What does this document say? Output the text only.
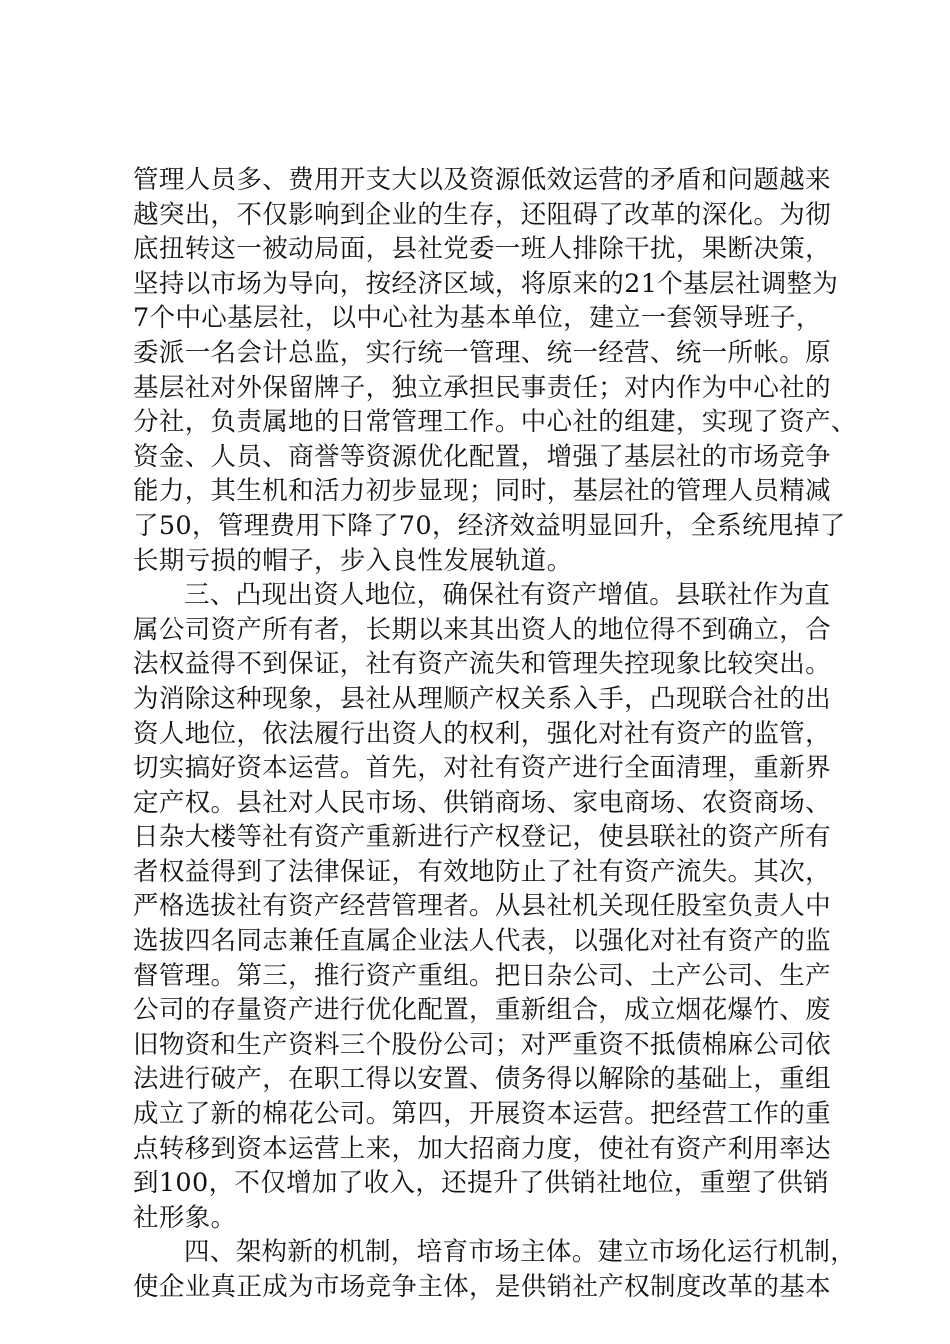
管理人员多、费用开支大以及资源低效运营的矛盾和问题越来
越突出，不仅影响到企业的生存，还阻碍了改革的深化。为彻
底扭转这一被动局面，县社党委一班人排除干扰，果断决策，
坚持以市场为导向，按经济区域，将原来的21个基层社调整为
7个中心基层社，以中心社为基本单位，建立一套领导班子，
委派一名会计总监，实行统一管理、统一经营、统一所帐。原
基层社对外保留牌子，独立承担民事责任；对内作为中心社的
分社，负责属地的日常管理工作。中心社的组建，实现了资产、
资金、人员、商誉等资源优化配置，增强了基层社的市场竞争
能力，其生机和活力初步显现；同时，基层社的管理人员精减
了50，管理费用下降了70，经济效益明显回升，全系统甩掉了
长期亏损的帽子，步入良性发展轨道。
三、凸现出资人地位，确保社有资产增值。县联社作为直
属公司资产所有者，长期以来其出资人的地位得不到确立，合
法权益得不到保证，社有资产流失和管理失控现象比较突出。
为消除这种现象，县社从理顺产权关系入手，凸现联合社的出
资人地位，依法履行出资人的权利，强化对社有资产的监管，
切实搞好资本运营。首先，对社有资产进行全面清理，重新界
定产权。县社对人民市场、供销商场、家电商场、农资商场、
日杂大楼等社有资产重新进行产权登记，使县联社的资产所有
者权益得到了法律保证，有效地防止了社有资产流失。其次，
严格选拔社有资产经营管理者。从县社机关现任股室负责人中
选拔四名同志兼任直属企业法人代表，以强化对社有资产的监
督管理。第三，推行资产重组。把日杂公司、土产公司、生产
公司的存量资产进行优化配置，重新组合，成立烟花爆竹、废
旧物资和生产资料三个股份公司；对严重资不抵债棉麻公司依
法进行破产，在职工得以安置、债务得以解除的基础上，重组
成立了新的棉花公司。第四，开展资本运营。把经营工作的重
点转移到资本运营上来，加大招商力度，使社有资产利用率达
到100，不仅增加了收入，还提升了供销社地位，重塑了供销
社形象。
四、架构新的机制，培育市场主体。建立市场化运行机制，
使企业真正成为市场竞争主体，是供销社产权制度改革的基本
